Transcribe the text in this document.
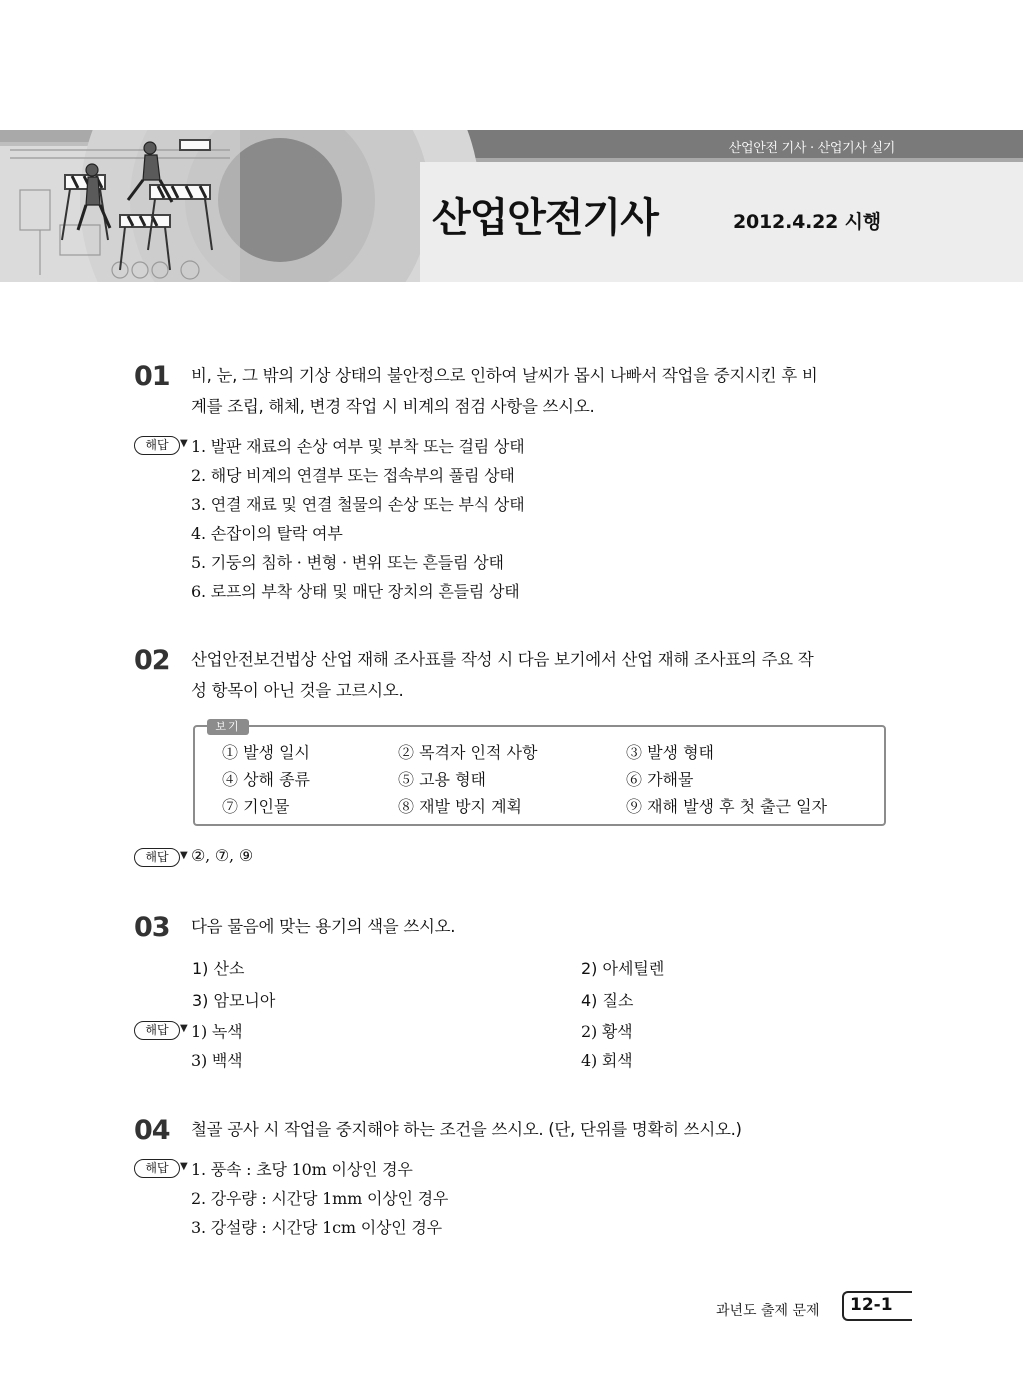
산업안전 기사 · 산업기사 실기
산업안전기사	2012.4.22 시행
01 비, 눈, 그 밖의 기상 상태의 불안정으로 인하여 날씨가 몹시 나빠서 작업을 중지시킨 후 비
계를 조립, 해체, 변경 작업 시 비계의 점검 사항을 쓰시오.
해답	▼ 1. 발판 재료의 손상 여부 및 부착 또는 걸림 상태
2. 해당 비계의 연결부 또는 접속부의 풀림 상태
3. 연결 재료 및 연결 철물의 손상 또는 부식 상태
4. 손잡이의 탈락 여부
5. 기둥의 침하 · 변형 · 변위 또는 흔들림 상태
6. 로프의 부착 상태 및 매단 장치의 흔들림 상태
02 산업안전보건법상 산업 재해 조사표를 작성 시 다음 보기에서 산업 재해 조사표의 주요 작
성 항목이 아닌 것을 고르시오.
보기
① 발생 일시	② 목격자 인적 사항	③ 발생 형태
④ 상해 종류	⑤ 고용 형태	⑥ 가해물
⑦ 기인물	⑧ 재발 방지 계획	⑨ 재해 발생 후 첫 출근 일자
해답	▼ ②, ⑦, ⑨
03 다음 물음에 맞는 용기의 색을 쓰시오.
1) 산소	2) 아세틸렌
3) 암모니아	4) 질소
해답	▼ 1) 녹색	2) 황색
3) 백색	4) 회색
04 철골 공사 시 작업을 중지해야 하는 조건을 쓰시오. (단, 단위를 명확히 쓰시오.)
해답	▼ 1. 풍속 : 초당 10m 이상인 경우
2. 강우량 : 시간당 1mm 이상인 경우
3. 강설량 : 시간당 1cm 이상인 경우
과년도 출제 문제 12-1
